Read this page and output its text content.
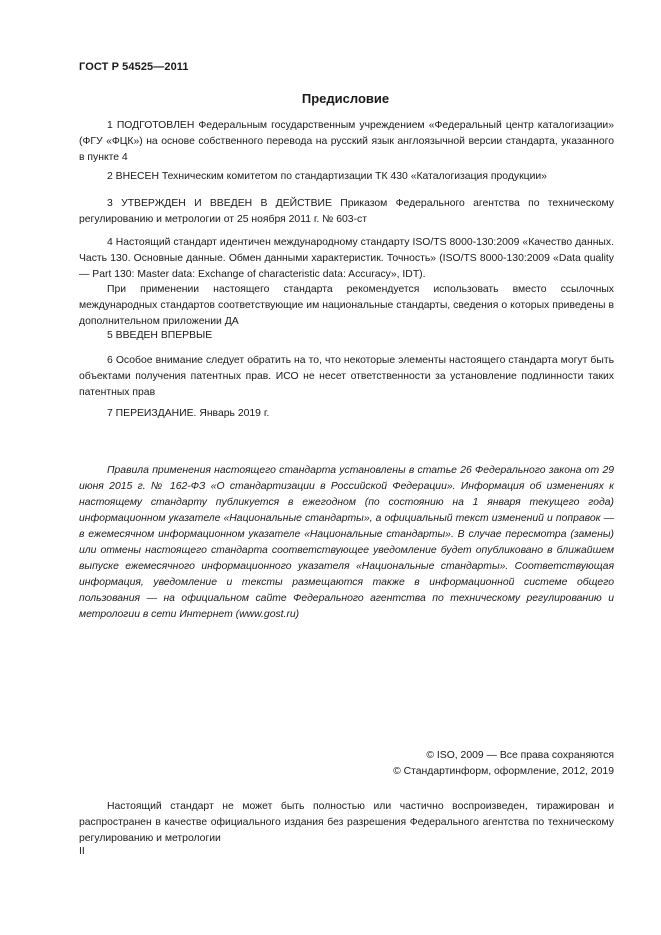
ГОСТ Р 54525—2011
Предисловие

1 ПОДГОТОВЛЕН Федеральным государственным учреждением «Федеральный центр каталогизации» (ФГУ «ФЦК») на основе собственного перевода на русский язык англоязычной версии стандарта, указанного в пункте 4

2 ВНЕСЕН Техническим комитетом по стандартизации ТК 430 «Каталогизация продукции»

3 УТВЕРЖДЕН И ВВЕДЕН В ДЕЙСТВИЕ Приказом Федерального агентства по техническому регулированию и метрологии от 25 ноября 2011 г. № 603-ст

4 Настоящий стандарт идентичен международному стандарту ISO/TS 8000-130:2009 «Качество данных. Часть 130. Основные данные. Обмен данными характеристик. Точность» (ISO/TS 8000-130:2009 «Data quality — Part 130: Master data: Exchange of characteristic data: Accuracy», IDT).

При применении настоящего стандарта рекомендуется использовать вместо ссылочных международных стандартов соответствующие им национальные стандарты, сведения о которых приведены в дополнительном приложении ДА

5 ВВЕДЕН ВПЕРВЫЕ

6 Особое внимание следует обратить на то, что некоторые элементы настоящего стандарта могут быть объектами получения патентных прав. ИСО не несет ответственности за установление подлинности таких патентных прав

7 ПЕРЕИЗДАНИЕ. Январь 2019 г.

Правила применения настоящего стандарта установлены в статье 26 Федерального закона от 29 июня 2015 г. № 162-ФЗ «О стандартизации в Российской Федерации». Информация об изменениях к настоящему стандарту публикуется в ежегодном (по состоянию на 1 января текущего года) информационном указателе «Национальные стандарты», а официальный текст изменений и поправок — в ежемесячном информационном указателе «Национальные стандарты». В случае пересмотра (замены) или отмены настоящего стандарта соответствующее уведомление будет опубликовано в ближайшем выпуске ежемесячного информационного указателя «Национальные стандарты». Соответствующая информация, уведомление и тексты размещаются также в информационной системе общего пользования — на официальном сайте Федерального агентства по техническому регулированию и метрологии в сети Интернет (www.gost.ru)

© ISO, 2009 — Все права сохраняются
© Стандартинформ, оформление, 2012, 2019

Настоящий стандарт не может быть полностью или частично воспроизведен, тиражирован и распространен в качестве официального издания без разрешения Федерального агентства по техническому регулированию и метрологии

II
